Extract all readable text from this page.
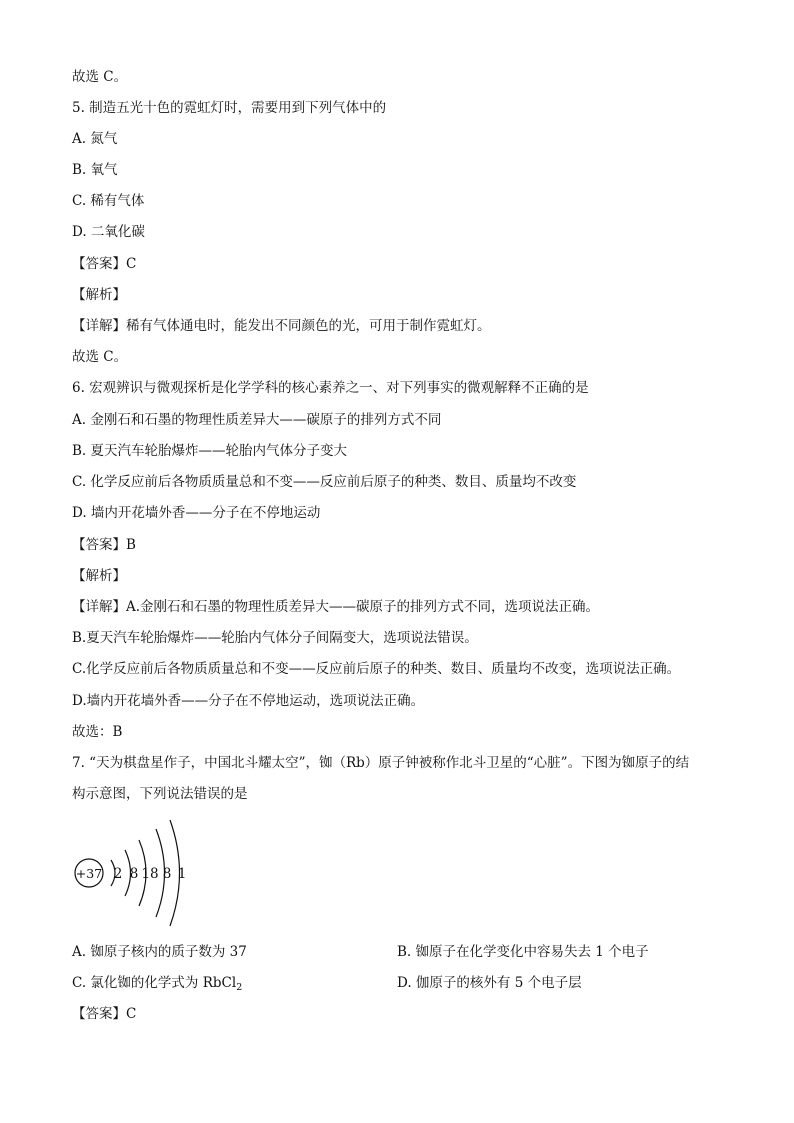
故选 C。
5. 制造五光十色的霓虹灯时，需要用到下列气体中的
A. 氮气
B. 氧气
C. 稀有气体
D. 二氧化碳
【答案】C
【解析】
【详解】稀有气体通电时，能发出不同颜色的光，可用于制作霓虹灯。
故选 C。
6. 宏观辨识与微观探析是化学学科的核心素养之一、对下列事实的微观解释不正确的是
A. 金刚石和石墨的物理性质差异大——碳原子的排列方式不同
B. 夏天汽车轮胎爆炸——轮胎内气体分子变大
C. 化学反应前后各物质质量总和不变——反应前后原子的种类、数目、质量均不改变
D. 墙内开花墙外香——分子在不停地运动
【答案】B
【解析】
【详解】A.金刚石和石墨的物理性质差异大——碳原子的排列方式不同，选项说法正确。
B.夏天汽车轮胎爆炸——轮胎内气体分子间隔变大，选项说法错误。
C.化学反应前后各物质质量总和不变——反应前后原子的种类、数目、质量均不改变，选项说法正确。
D.墙内开花墙外香——分子在不停地运动，选项说法正确。
故选：B
7. “天为棋盘星作子，中国北斗耀太空”，铷（Rb）原子钟被称作北斗卫星的“心脏”。下图为铷原子的结
构示意图，下列说法错误的是
+37 2 8 18 8 1
A. 铷原子核内的质子数为 37	B. 铷原子在化学变化中容易失去 1 个电子
C. 氯化铷的化学式为 RbCl$_2$	D. 伽原子的核外有 5 个电子层
【答案】C
